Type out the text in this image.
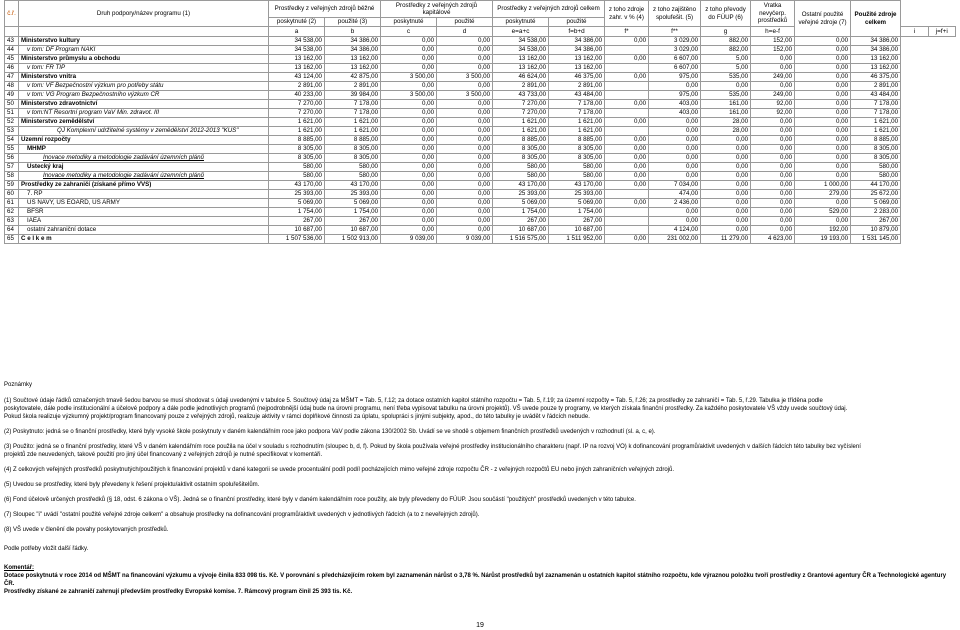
č.ř.	Druh podpory/název programu (1)	Prostředky z veřejných zdrojů běžné		Prostředky z veřejných zdrojů kapitálové		Prostředky z veřejných zdrojů celkem		z toho zdroje zahr. v % (4)	z toho zajištěno spolufešit. (5)	z toho převody do FÚUP (6)	Vratka nevyčerp. prostředků	Ostatní použité veřejné zdroje (7)	Použité zdroje celkem		
		poskytnuté (2)	použité (3)	poskytnuté	použité	poskytnuté	použité								
		a	b	c	d	e=a+c	f=b+d	f*	f**	g	h=e-f			i	j=f+i
43	Ministerstvo kultury	34 538,00	34 386,00	0,00	0,00	34 538,00	34 386,00	0,00	3 029,00	882,00	152,00	0,00	34 386,00		
44	v tom: DF Program NAKI	34 538,00	34 386,00	0,00	0,00	34 538,00	34 386,00		3 029,00	882,00	152,00	0,00	34 386,00		
45	Ministerstvo průmyslu a obchodu	13 162,00	13 162,00	0,00	0,00	13 162,00	13 162,00	0,00	6 607,00	5,00	0,00	0,00	13 162,00		
46	v tom: FR TIP	13 162,00	13 162,00	0,00	0,00	13 162,00	13 162,00		6 607,00	5,00	0,00	0,00	13 162,00		
47	Ministerstvo vnitra	43 124,00	42 875,00	3 500,00	3 500,00	46 624,00	46 375,00	0,00	975,00	535,00	249,00	0,00	46 375,00		
48	v tom: VF Bezpečnostní výzkum pro potřeby státu	2 891,00	2 891,00	0,00	0,00	2 891,00	2 891,00		0,00	0,00	0,00	0,00	2 891,00		
49	v tom: VG Program Bezpečnostního výzkum ČR	40 233,00	39 984,00	3 500,00	3 500,00	43 733,00	43 484,00		975,00	535,00	249,00	0,00	43 484,00		
50	Ministerstvo zdravotnictví	7 270,00	7 178,00	0,00	0,00	7 270,00	7 178,00	0,00	403,00	161,00	92,00	0,00	7 178,00		
51	v tom:NT Resortní program VaV Min. zdravot. III	7 270,00	7 178,00	0,00	0,00	7 270,00	7 178,00		403,00	161,00	92,00	0,00	7 178,00		
52	Ministerstvo zemědělství	1 621,00	1 621,00	0,00	0,00	1 621,00	1 621,00	0,00	0,00	28,00	0,00	0,00	1 621,00		
53	QJ Komplexní udržitelné systémy v zemědělství 2012-2013 "KUS"	1 621,00	1 621,00	0,00	0,00	1 621,00	1 621,00		0,00	28,00	0,00	0,00	1 621,00		
54	Územní rozpočty	8 885,00	8 885,00	0,00	0,00	8 885,00	8 885,00	0,00	0,00	0,00	0,00	0,00	8 885,00		
55	MHMP	8 305,00	8 305,00	0,00	0,00	8 305,00	8 305,00	0,00	0,00	0,00	0,00	0,00	8 305,00		
56	Inovace metodiky a metodologie zadávání územních plánů	8 305,00	8 305,00	0,00	0,00	8 305,00	8 305,00	0,00	0,00	0,00	0,00	0,00	8 305,00		
57	Ústecký kraj	580,00	580,00	0,00	0,00	580,00	580,00	0,00	0,00	0,00	0,00	0,00	580,00		
58	Inovace metodiky a metodologie zadávání územních plánů	580,00	580,00	0,00	0,00	580,00	580,00	0,00	0,00	0,00	0,00	0,00	580,00		
59	Prostředky ze zahraničí (získané přímo VVŠ)	43 170,00	43 170,00	0,00	0,00	43 170,00	43 170,00	0,00	7 034,00	0,00	0,00	1 000,00	44 170,00		
60	7. RP	25 393,00	25 393,00	0,00	0,00	25 393,00	25 393,00		474,00	0,00	0,00	279,00	25 672,00		
61	US NAVY, US EOARD, US ARMY	5 069,00	5 069,00	0,00	0,00	5 069,00	5 069,00	0,00	2 436,00	0,00	0,00	0,00	5 069,00		
62	BFSR	1 754,00	1 754,00	0,00	0,00	1 754,00	1 754,00		0,00	0,00	0,00	529,00	2 283,00		
63	IAEA	267,00	267,00	0,00	0,00	267,00	267,00		0,00	0,00	0,00	0,00	267,00		
64	ostatní zahraniční dotace	10 687,00	10 687,00	0,00	0,00	10 687,00	10 687,00		4 124,00	0,00	0,00	192,00	10 879,00		
65	C e l k e m	1 507 536,00	1 502 913,00	9 039,00	9 039,00	1 516 575,00	1 511 952,00	0,00	231 002,00	11 279,00	4 623,00	19 193,00	1 531 145,00		

Poznámky

(1) Součtové údaje řádků označených tmavě šedou barvou se musí shodovat s údaji uvedenými v tabulce 5. Součtový údaj za MŠMT = Tab. 5, ř.12; za dotace ostatních kapitol státního rozpočtu = Tab. 5, ř.19; za územní rozpočty = Tab. 5, ř.26; za prostředky ze zahraničí = Tab. 5, ř.29. Tabulka je tříděna podle

poskytovatele, dále podle institucionální a účelové podpory a dále podle jednotlivých programů (nejpodrobnější údaj bude na úrovni programu, není třeba vypisovat tabulku na úrovni projektů). VŠ uvede pouze ty programy, ve kterých získala finanční prostředky. Za každého poskytovatele VŠ vždy uvede součtový údaj.

Pokud škola realizuje výzkumný projekt/program financovaný pouze z veřejných zdrojů, realizuje aktivity v rámci doplňkové činnosti za úplatu, spolupráci s jinými subjekty, apod., do této tabulky je uvádět v řádcích nebude.

(2) Poskytnuto: jedná se o finanční prostředky, které byly vysoké škole poskytnuty v daném kalendářním roce jako podpora VaV podle zákona 130/2002 Sb. Uvádí se ve shodě s objemem finančních prostředků uvedených v rozhodnutí (sl. a, c, e).

(3) Použito: jedná se o finanční prostředky, které VŠ v daném kalendářním roce použila na účel v souladu s rozhodnutím (sloupec b, d, f). Pokud by škola používala veřejné prostředky institucionálního charakteru (např. IP na rozvoj VO) k dofinancování programů/aktivit uvedených v dalších řádcích této tabulky bez vyčíslení

projektů zde neuvedených, takové použití pro jiný účel financovaný z veřejných zdrojů je nutné specifikovat v komentáři.

(4) Z celkových veřejných prostředků poskytnutých/použitých k financování projektů v dané kategorii se uvede procentuální podíl podíl pocházejících mimo veřejné zdroje rozpočtu ČR - z veřejných rozpočtů EU nebo jiných zahraničních veřejných zdrojů.

(5) Uvedou se prostředky, které byly převedeny k řešení projektu/aktivit ostatním spoluřešitelům.

(6) Fond účelově určených prostředků (§ 18, odst. 6 zákona o VŠ). Jedná se o finanční prostředky, které byly v daném kalendářním roce použity, ale byly převedeny do FÚUP. Jsou součástí "použitých" prostředků uvedených v této tabulce.

(7) Sloupec "i" uvádí "ostatní použité veřejné zdroje celkem" a obsahuje prostředky na dofinancování programů/aktivit uvedených v jednotlivých řádcích (a to z neveřejných zdrojů).

(8) VŠ uvede v členění dle povahy poskytovaných prostředků.

Podle potřeby vložit další řádky.

Komentář:

Dotace poskytnutá v roce 2014 od MŠMT na financování výzkumu a vývoje činila 833 098 tis. Kč. V porovnání s předcházejícím rokem byl zaznamenán nárůst o 3,78 %. Nárůst prostředků byl zaznamenán u ostatních kapitol státního rozpočtu, kde výraznou položku tvoří prostředky z Grantové agentury ČR a Technologické agentury ČR.

Prostředky získané ze zahraničí zahrnují především prostředky Evropské komise. 7. Rámcový program činil 25 393 tis. Kč.

19
